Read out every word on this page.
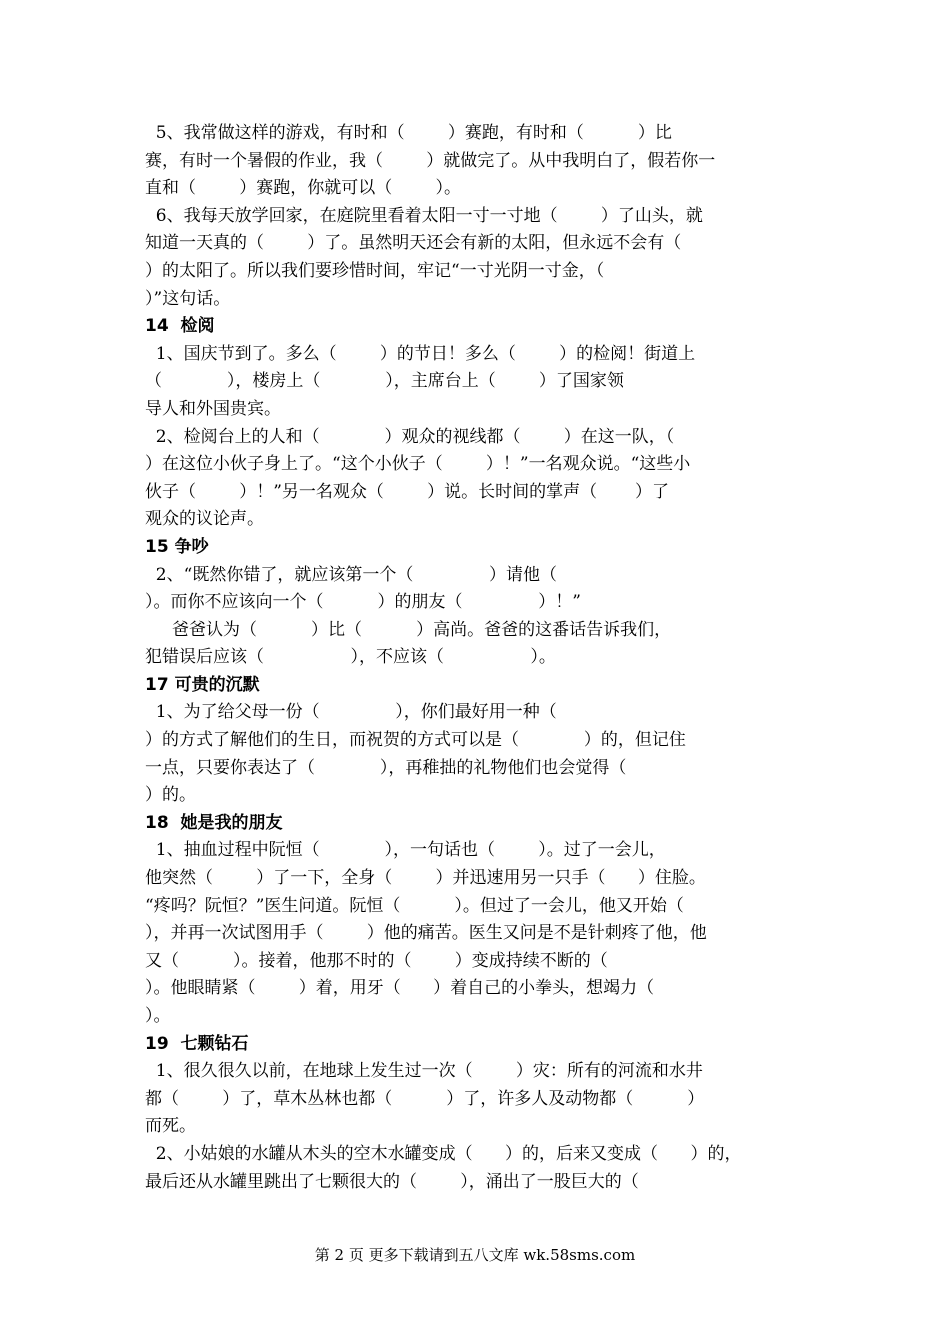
5、我常做这样的游戏，有时和（        ）赛跑，有时和（          ）比
赛，有时一个暑假的作业，我（        ）就做完了。从中我明白了，假若你一
直和（        ）赛跑，你就可以（        ）。
6、我每天放学回家，在庭院里看着太阳一寸一寸地（        ）了山头，就
知道一天真的（        ）了。虽然明天还会有新的太阳，但永远不会有（
）的太阳了。所以我们要珍惜时间，牢记“一寸光阴一寸金，（
）”这句话。
14  检阅
1、国庆节到了。多么（        ）的节日！多么（        ）的检阅！街道上
（            ），楼房上（            ），主席台上（        ）了国家领
导人和外国贵宾。
2、检阅台上的人和（            ）观众的视线都（        ）在这一队，（
）在这位小伙子身上了。“这个小伙子（        ）！”一名观众说。“这些小
伙子（        ）！”另一名观众（        ）说。长时间的掌声（       ）了
观众的议论声。
15 争吵
2、“既然你错了，就应该第一个（              ）请他（
）。而你不应该向一个（          ）的朋友（              ）！”
爸爸认为（          ）比（          ）高尚。爸爸的这番话告诉我们，
犯错误后应该（                ），不应该（                ）。
17 可贵的沉默
1、为了给父母一份（              ），你们最好用一种（
）的方式了解他们的生日，而祝贺的方式可以是（            ）的，但记住
一点，只要你表达了（            ），再稚拙的礼物他们也会觉得（
）的。
18  她是我的朋友
1、抽血过程中阮恒（            ），一句话也（        ）。过了一会儿，
他突然（        ）了一下，全身（        ）并迅速用另一只手（      ）住脸。
“疼吗？阮恒？”医生问道。阮恒（          ）。但过了一会儿，他又开始（
），并再一次试图用手（        ）他的痛苦。医生又问是不是针刺疼了他，他
又（          ）。接着，他那不时的（        ）变成持续不断的（
）。他眼睛紧（        ）着，用牙（      ）着自己的小拳头，想竭力（
）。
19  七颗钻石
1、很久很久以前，在地球上发生过一次（        ）灾：所有的河流和水井
都（        ）了，草木丛林也都（          ）了，许多人及动物都（          ）
而死。
2、小姑娘的水罐从木头的空木水罐变成（      ）的，后来又变成（      ）的，
最后还从水罐里跳出了七颗很大的（        ），涌出了一股巨大的（
第 2 页 更多下载请到五八文库 wk.58sms.com
